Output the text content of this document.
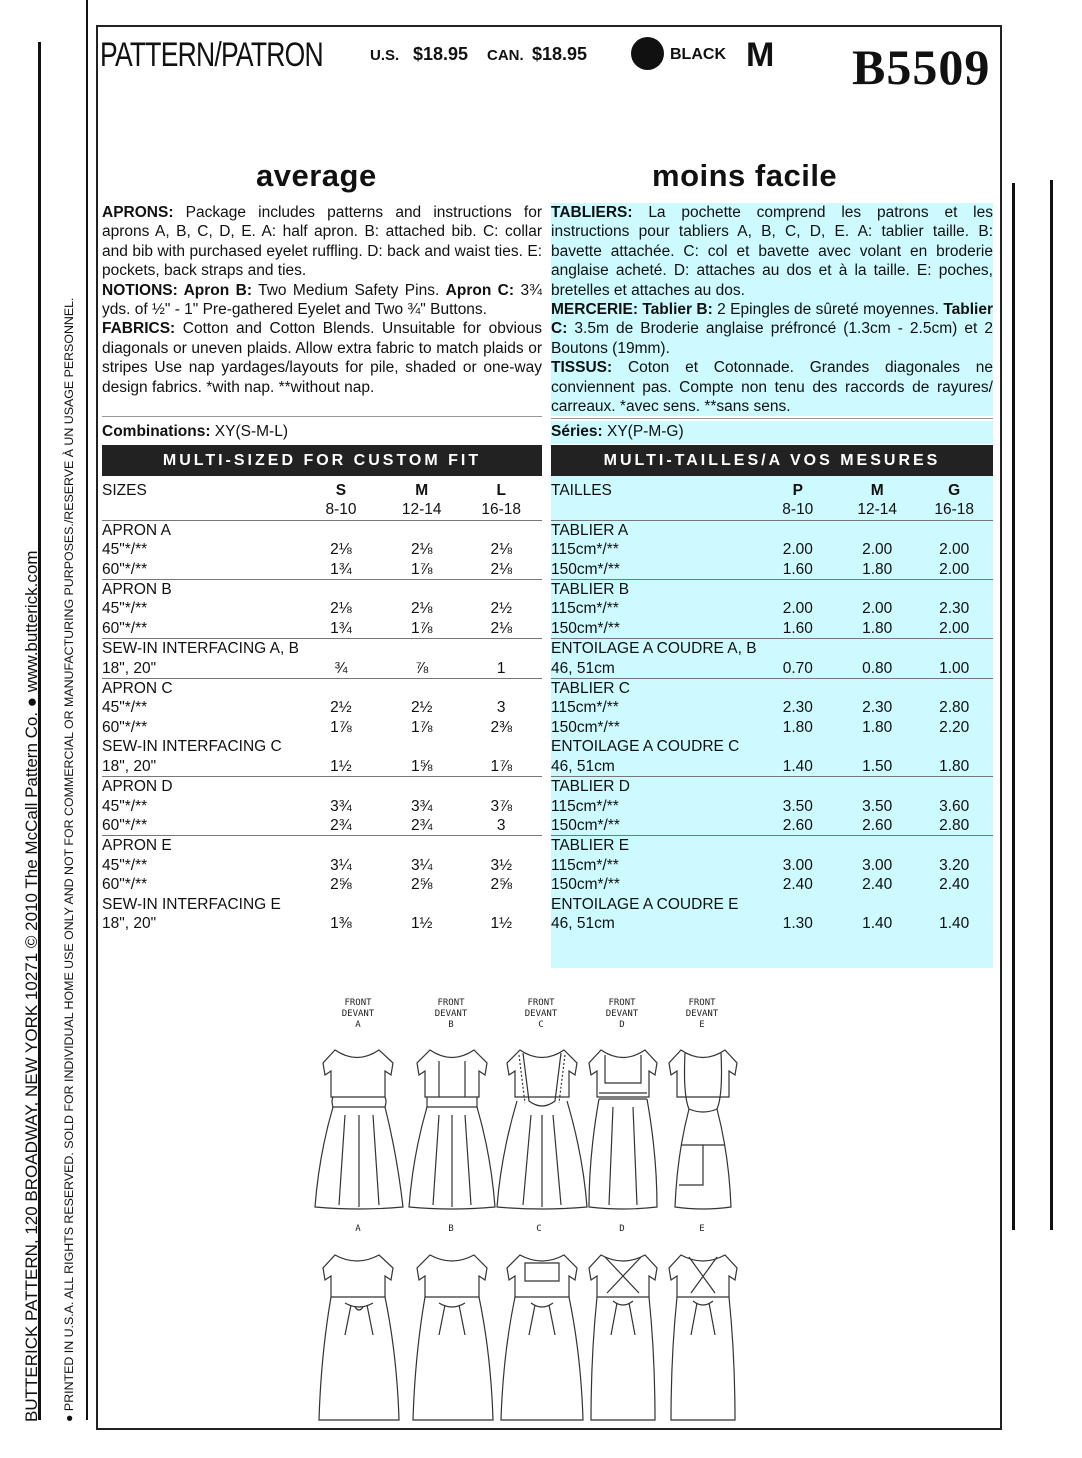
BUTTERICK PATTERN, 120 BROADWAY, NEW YORK 10271 © 2010 The McCall Pattern Co. ● www.butterick.com ● PRINTED IN U.S.A. ALL RIGHTS RESERVED. SOLD FOR INDIVIDUAL HOME USE ONLY AND NOT FOR COMMERCIAL OR MANUFACTURING PURPOSES./RESERVE À UN USAGE PERSONNEL.
PATTERN/PATRON	U.S. $18.95 CAN. $18.95	BLACK M B5509
average	moins facile
APRONS: Package includes patterns and instructions for aprons A, B, C, D, E. A: half apron. B: attached bib. C: collar and bib with purchased eyelet ruffling. D: back and waist ties. E: pockets, back straps and ties.
NOTIONS: Apron B: Two Medium Safety Pins. Apron C: 3¾ yds. of ½" - 1" Pre-gathered Eyelet and Two ¾" Buttons.
FABRICS: Cotton and Cotton Blends. Unsuitable for obvious diagonals or uneven plaids. Allow extra fabric to match plaids or stripes Use nap yardages/layouts for pile, shaded or one-way design fabrics. *with nap. **without nap.
TABLIERS: La pochette comprend les patrons et les instructions pour tabliers A, B, C, D, E. A: tablier taille. B: bavette attachée. C: col et bavette avec volant en broderie anglaise acheté. D: attaches au dos et à la taille. E: poches, bretelles et attaches au dos.
MERCERIE: Tablier B: 2 Epingles de sûreté moyennes. Tablier C: 3.5m de Broderie anglaise préfroncé (1.3cm - 2.5cm) et 2 Boutons (19mm).
TISSUS: Coton et Cotonnade. Grandes diagonales ne conviennent pas. Compte non tenu des raccords de rayures/ carreaux. *avec sens. **sans sens.
Combinations: XY(S-M-L)	Séries: XY(P-M-G)
MULTI-SIZED FOR CUSTOM FIT	MULTI-TAILLES/A VOS MESURES
SIZES	S	M	L
	8-10	12-14	16-18
APRON A			
45"*/**	2⅛	2⅛	2⅛
60"*/**	1¾	1⅞	2⅛
APRON B			
45"*/**	2⅛	2⅛	2½
60"*/**	1¾	1⅞	2⅛
SEW-IN INTERFACING A, B			
18", 20"	¾	⅞	1
APRON C			
45"*/**	2½	2½	3
60"*/**	1⅞	1⅞	2⅜
SEW-IN INTERFACING C			
18", 20"	1½	1⅝	1⅞
APRON D			
45"*/**	3¾	3¾	3⅞
60"*/**	2¾	2¾	3
APRON E			
45"*/**	3¼	3¼	3½
60"*/**	2⅝	2⅝	2⅝
SEW-IN INTERFACING E			
18", 20"	1⅜	1½	1½
TAILLES	P	M	G
	8-10	12-14	16-18
TABLIER A			
115cm*/**	2.00	2.00	2.00
150cm*/**	1.60	1.80	2.00
TABLIER B			
115cm*/**	2.00	2.00	2.30
150cm*/**	1.60	1.80	2.00
ENTOILAGE A COUDRE A, B			
46, 51cm	0.70	0.80	1.00
TABLIER C			
115cm*/**	2.30	2.30	2.80
150cm*/**	1.80	1.80	2.20
ENTOILAGE A COUDRE C			
46, 51cm	1.40	1.50	1.80
TABLIER D			
115cm*/**	3.50	3.50	3.60
150cm*/**	2.60	2.60	2.80
TABLIER E			
115cm*/**	3.00	3.00	3.20
150cm*/**	2.40	2.40	2.40
ENTOILAGE A COUDRE E			
46, 51cm	1.30	1.40	1.40
FRONT
DEVANT
A
FRONT
DEVANT
B
FRONT
DEVANT
C
FRONT
DEVANT
D
FRONT
DEVANT
E
A	B	C	D	E
